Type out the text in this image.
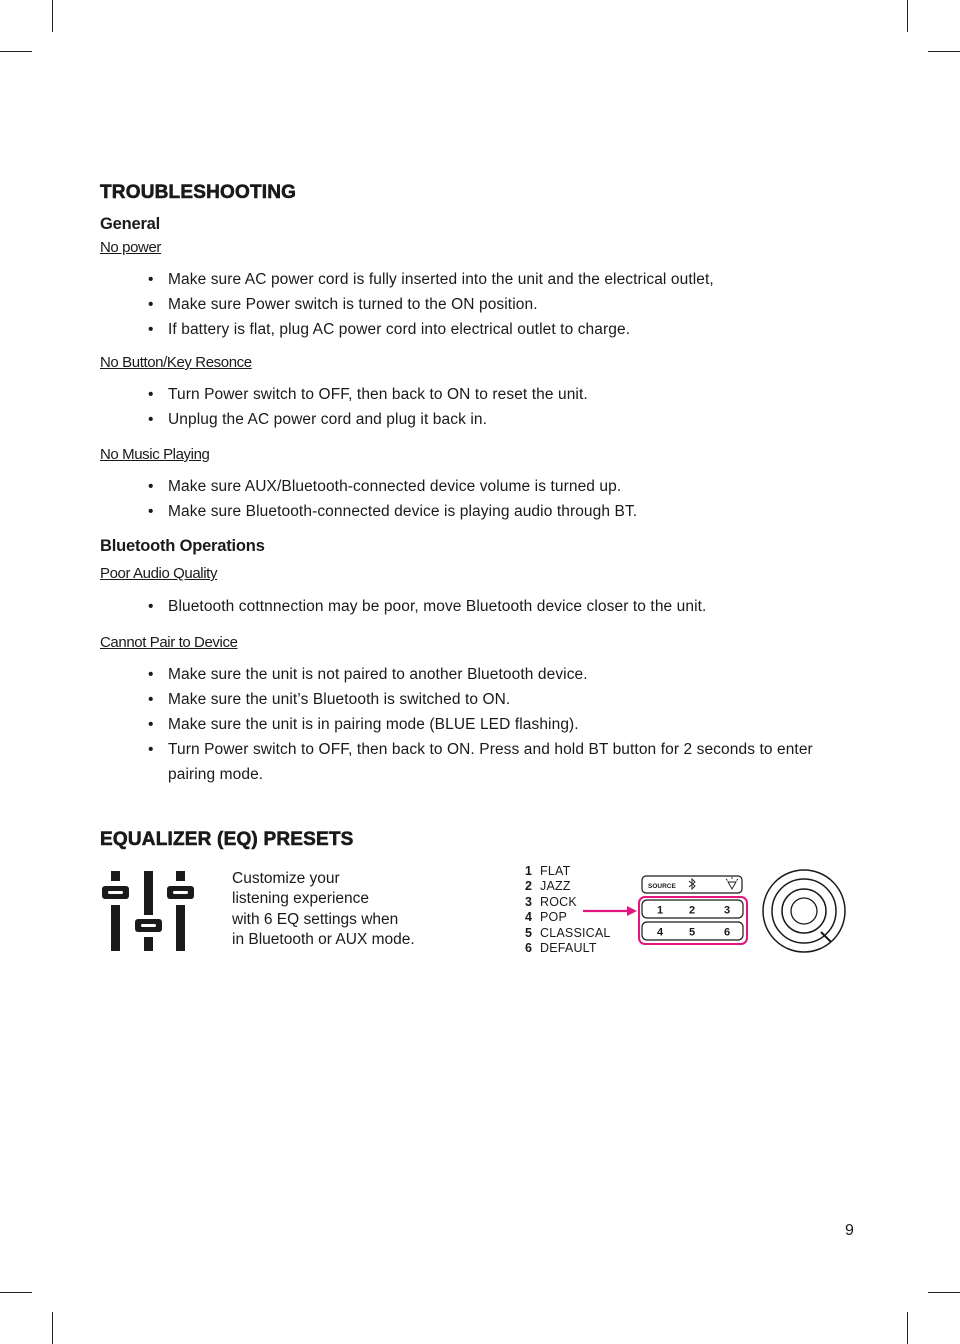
TROUBLESHOOTING
General
No power
• Make sure AC power cord is fully inserted into the unit and the electrical outlet,
• Make sure Power switch is turned to the ON position.
• If battery is flat, plug AC power cord into electrical outlet to charge.
No Button/Key Resonce
• Turn Power switch to OFF, then back to ON to reset the unit.
• Unplug the AC power cord and plug it back in.
No Music Playing
• Make sure AUX/Bluetooth-connected device volume is turned up.
• Make sure Bluetooth-connected device is playing audio through BT.
Bluetooth Operations
Poor Audio Quality
• Bluetooth cottnnection may be poor, move Bluetooth device closer to the unit.
Cannot Pair to Device
• Make sure the unit is not paired to another Bluetooth device.
• Make sure the unit’s Bluetooth is switched to ON.
• Make sure the unit is in pairing mode (BLUE LED flashing).
• Turn Power switch to OFF, then back to ON. Press and hold BT button for 2 seconds to enter pairing mode.
EQUALIZER (EQ) PRESETS
Customize your
listening experience
with 6 EQ settings when
in Bluetooth or AUX mode.
1 FLAT
2 JAZZ
3 ROCK
4 POP
5 CLASSICAL
6 DEFAULT
SOURCE
1 2	3
4 5	6
9
